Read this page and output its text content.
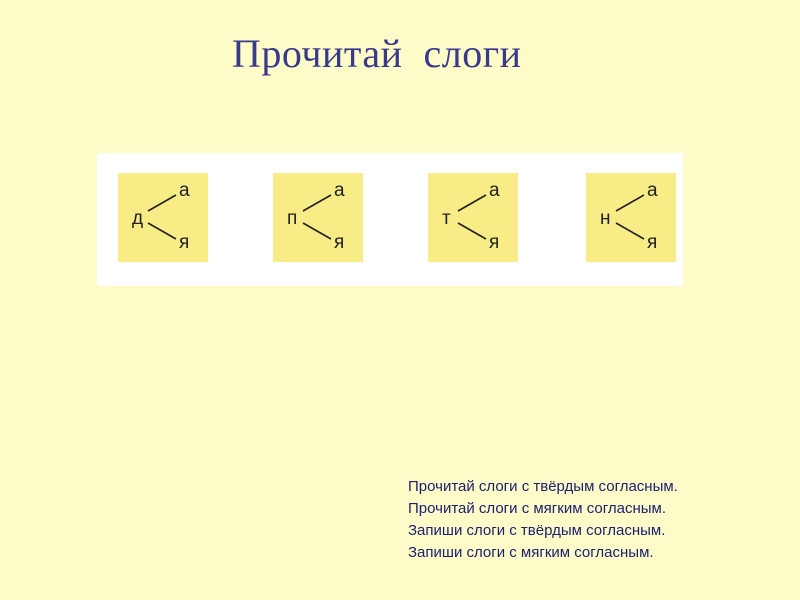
Прочитай  слоги
д
а
я
п
а
я
т
а
я
н
а
я
Прочитай слоги с твёрдым согласным.
Прочитай слоги с мягким согласным.
Запиши слоги с твёрдым согласным.
Запиши слоги с мягким согласным.
